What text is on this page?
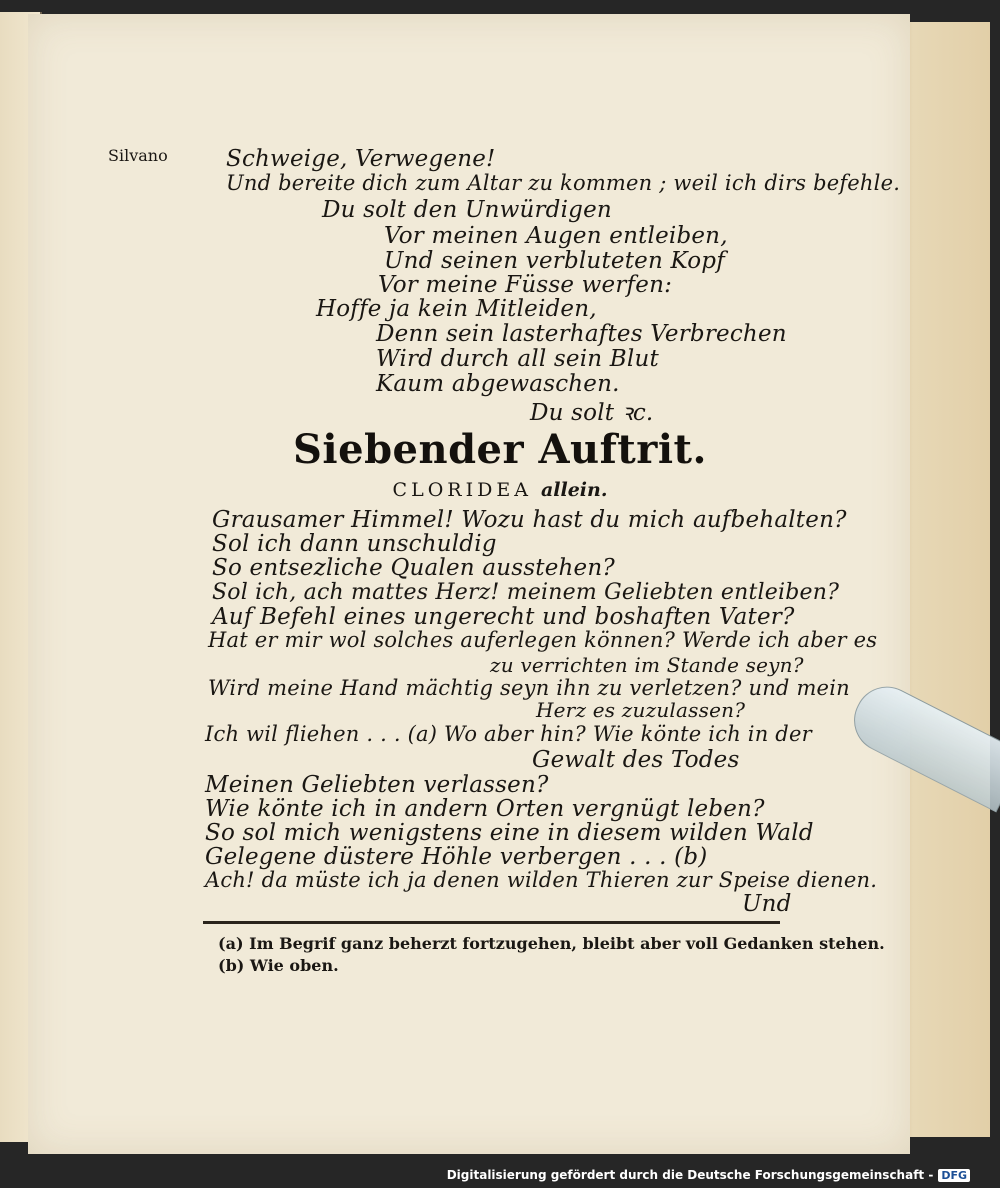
Silvano	Schweige, Verwegene!
Und bereite dich zum Altar zu kommen ; weil ich dirs befehle.
Du solt den Unwürdigen
Vor meinen Augen entleiben,
Und seinen verbluteten Kopf
Vor meine Füsse werfen:
Hoffe ja kein Mitleiden,
Denn sein lasterhaftes Verbrechen
Wird durch all sein Blut
Kaum abgewaschen.
Du solt ꝛc.
Siebender Auftrit.
CLORIDEA allein.
Grausamer Himmel! Wozu hast du mich aufbehalten?
Sol ich dann unschuldig
So entsezliche Qualen ausstehen?
Sol ich, ach mattes Herz! meinem Geliebten entleiben?
Auf Befehl eines ungerecht und boshaften Vater?
Hat er mir wol solches auferlegen können? Werde ich aber es
zu verrichten im Stande seyn?
Wird meine Hand mächtig seyn ihn zu verletzen? und mein
Herz es zuzulassen?
Ich wil fliehen . . . (a) Wo aber hin? Wie könte ich in der
Gewalt des Todes
Meinen Geliebten verlassen?
Wie könte ich in andern Orten vergnügt leben?
So sol mich wenigstens eine in diesem wilden Wald
Gelegene düstere Höhle verbergen . . . (b)
Ach! da müste ich ja denen wilden Thieren zur Speise dienen.
Und
(a) Im Begrif ganz beherzt fortzugehen, bleibt aber voll Gedanken stehen.
(b) Wie oben.
Digitalisierung gefördert durch die Deutsche Forschungsgemeinschaft - DFG
